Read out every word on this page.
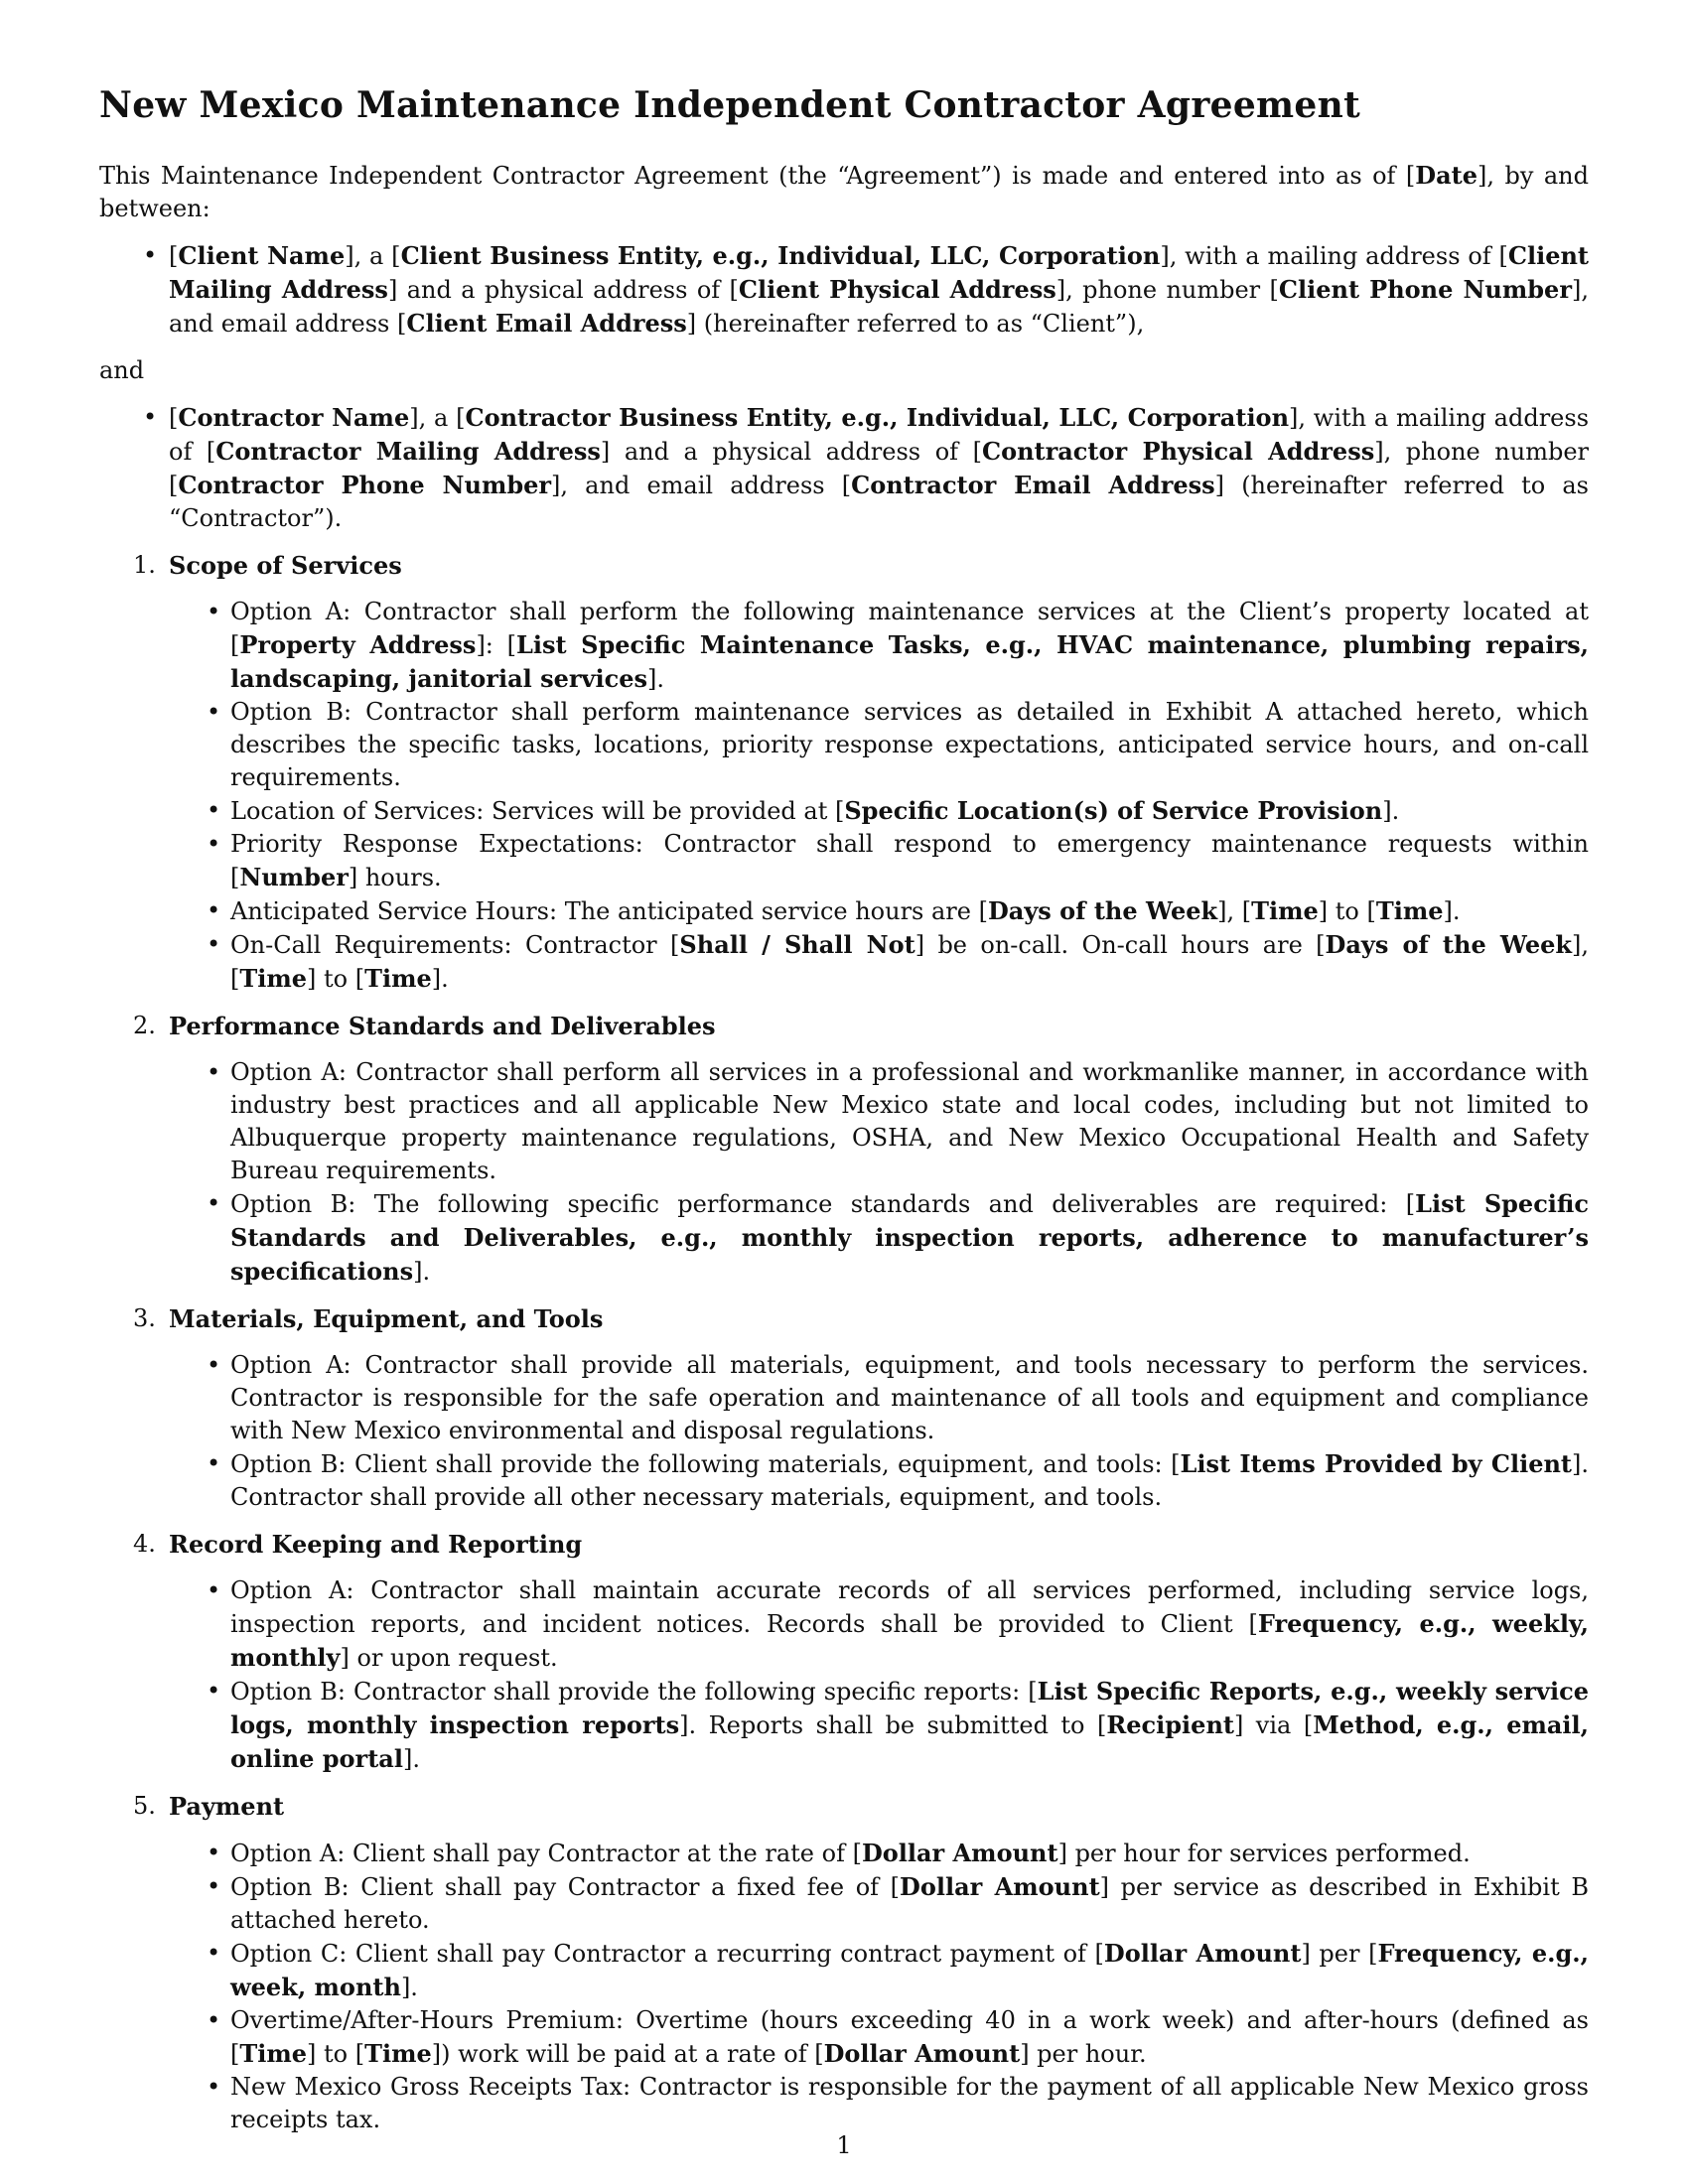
New Mexico Maintenance Independent Contractor Agreement

This Maintenance Independent Contractor Agreement (the “Agreement”) is made and entered into as of [Date], by and between:

• [Client Name], a [Client Business Entity, e.g., Individual, LLC, Corporation], with a mailing address of [Client Mailing Address] and a physical address of [Client Physical Address], phone number [Client Phone Number], and email address [Client Email Address] (hereinafter referred to as “Client”),

and

• [Contractor Name], a [Contractor Business Entity, e.g., Individual, LLC, Corporation], with a mailing address of [Contractor Mailing Address] and a physical address of [Contractor Physical Address], phone number [Contractor Phone Number], and email address [Contractor Email Address] (hereinafter referred to as “Contractor”).
1. Scope of Services
• Option A: Contractor shall perform the following maintenance services at the Client’s property located at [Property Address]: [List Specific Maintenance Tasks, e.g., HVAC maintenance, plumbing repairs, landscaping, janitorial services].
• Option B: Contractor shall perform maintenance services as detailed in Exhibit A attached hereto, which describes the specific tasks, locations, priority response expectations, anticipated service hours, and on-call requirements.
• Location of Services: Services will be provided at [Specific Location(s) of Service Provision].
• Priority Response Expectations: Contractor shall respond to emergency maintenance requests within [Number] hours.
• Anticipated Service Hours: The anticipated service hours are [Days of the Week], [Time] to [Time].
• On-Call Requirements: Contractor [Shall / Shall Not] be on-call. On-call hours are [Days of the Week], [Time] to [Time].
2. Performance Standards and Deliverables
• Option A: Contractor shall perform all services in a professional and workmanlike manner, in accordance with industry best practices and all applicable New Mexico state and local codes, including but not limited to Albuquerque property maintenance regulations, OSHA, and New Mexico Occupational Health and Safety Bureau requirements.
• Option B: The following specific performance standards and deliverables are required: [List Specific Standards and Deliverables, e.g., monthly inspection reports, adherence to manufacturer’s specifications].
3. Materials, Equipment, and Tools
• Option A: Contractor shall provide all materials, equipment, and tools necessary to perform the services. Contractor is responsible for the safe operation and maintenance of all tools and equipment and compliance with New Mexico environmental and disposal regulations.
• Option B: Client shall provide the following materials, equipment, and tools: [List Items Provided by Client]. Contractor shall provide all other necessary materials, equipment, and tools.
4. Record Keeping and Reporting
• Option A: Contractor shall maintain accurate records of all services performed, including service logs, inspection reports, and incident notices. Records shall be provided to Client [Frequency, e.g., weekly, monthly] or upon request.
• Option B: Contractor shall provide the following specific reports: [List Specific Reports, e.g., weekly service logs, monthly inspection reports]. Reports shall be submitted to [Recipient] via [Method, e.g., email, online portal].
5. Payment
• Option A: Client shall pay Contractor at the rate of [Dollar Amount] per hour for services performed.
• Option B: Client shall pay Contractor a fixed fee of [Dollar Amount] per service as described in Exhibit B attached hereto.
• Option C: Client shall pay Contractor a recurring contract payment of [Dollar Amount] per [Frequency, e.g., week, month].
• Overtime/After-Hours Premium: Overtime (hours exceeding 40 in a work week) and after-hours (defined as [Time] to [Time]) work will be paid at a rate of [Dollar Amount] per hour.
• New Mexico Gross Receipts Tax: Contractor is responsible for the payment of all applicable New Mexico gross receipts tax.
1
